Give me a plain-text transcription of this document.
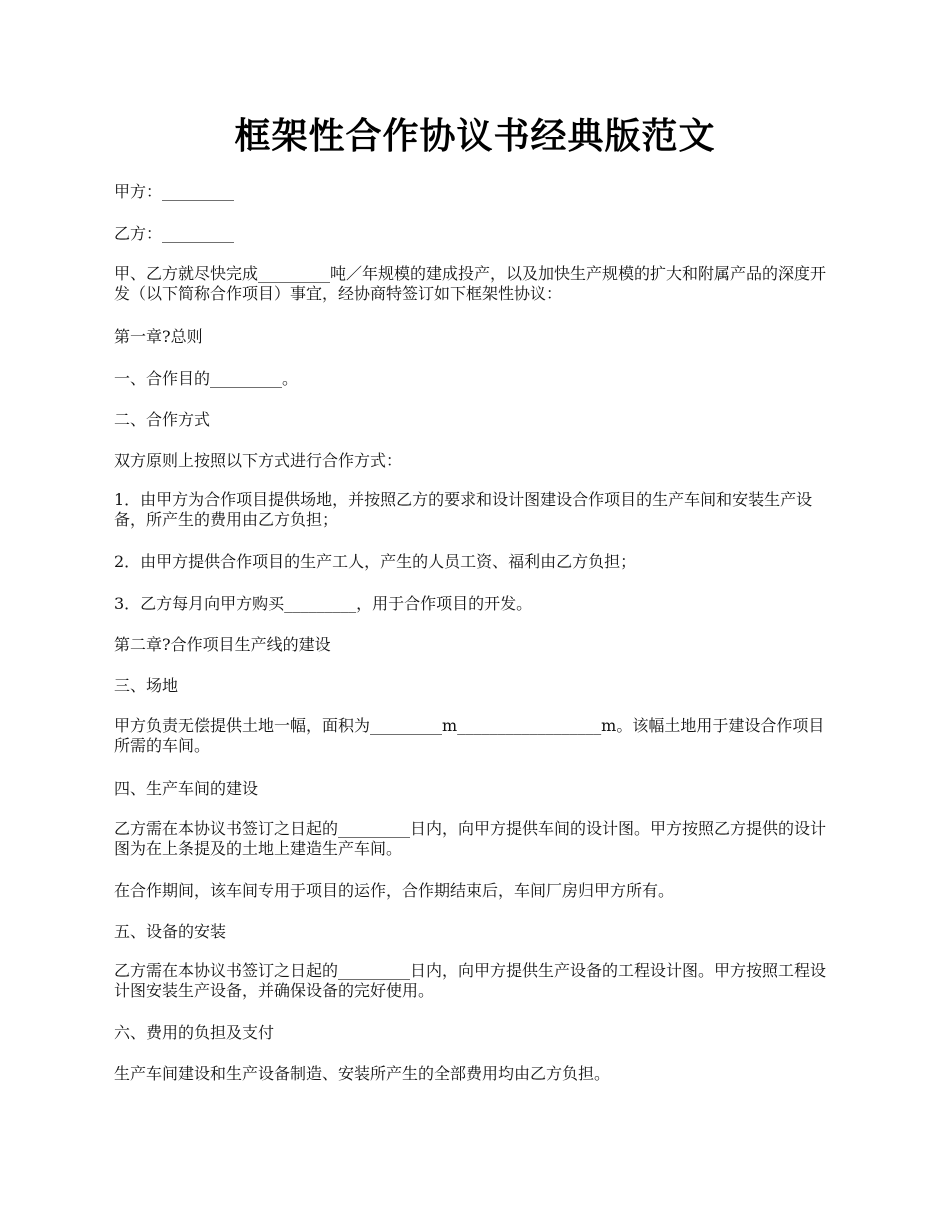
框架性合作协议书经典版范文

甲方：_________

乙方：_________

甲、乙方就尽快完成_________吨／年规模的建成投产，以及加快生产规模的扩大和附属产品的深度开发（以下简称合作项目）事宜，经协商特签订如下框架性协议：

第一章?总则

一、合作目的_________。

二、合作方式

双方原则上按照以下方式进行合作方式：

1．由甲方为合作项目提供场地，并按照乙方的要求和设计图建设合作项目的生产车间和安装生产设备，所产生的费用由乙方负担；

2．由甲方提供合作项目的生产工人，产生的人员工资、福利由乙方负担；

3．乙方每月向甲方购买_________，用于合作项目的开发。

第二章?合作项目生产线的建设

三、场地

甲方负责无偿提供土地一幅，面积为_________m__________________m。该幅土地用于建设合作项目所需的车间。

四、生产车间的建设

乙方需在本协议书签订之日起的_________日内，向甲方提供车间的设计图。甲方按照乙方提供的设计图为在上条提及的土地上建造生产车间。

在合作期间，该车间专用于项目的运作，合作期结束后，车间厂房归甲方所有。

五、设备的安装

乙方需在本协议书签订之日起的_________日内，向甲方提供生产设备的工程设计图。甲方按照工程设计图安装生产设备，并确保设备的完好使用。

六、费用的负担及支付

生产车间建设和生产设备制造、安装所产生的全部费用均由乙方负担。
